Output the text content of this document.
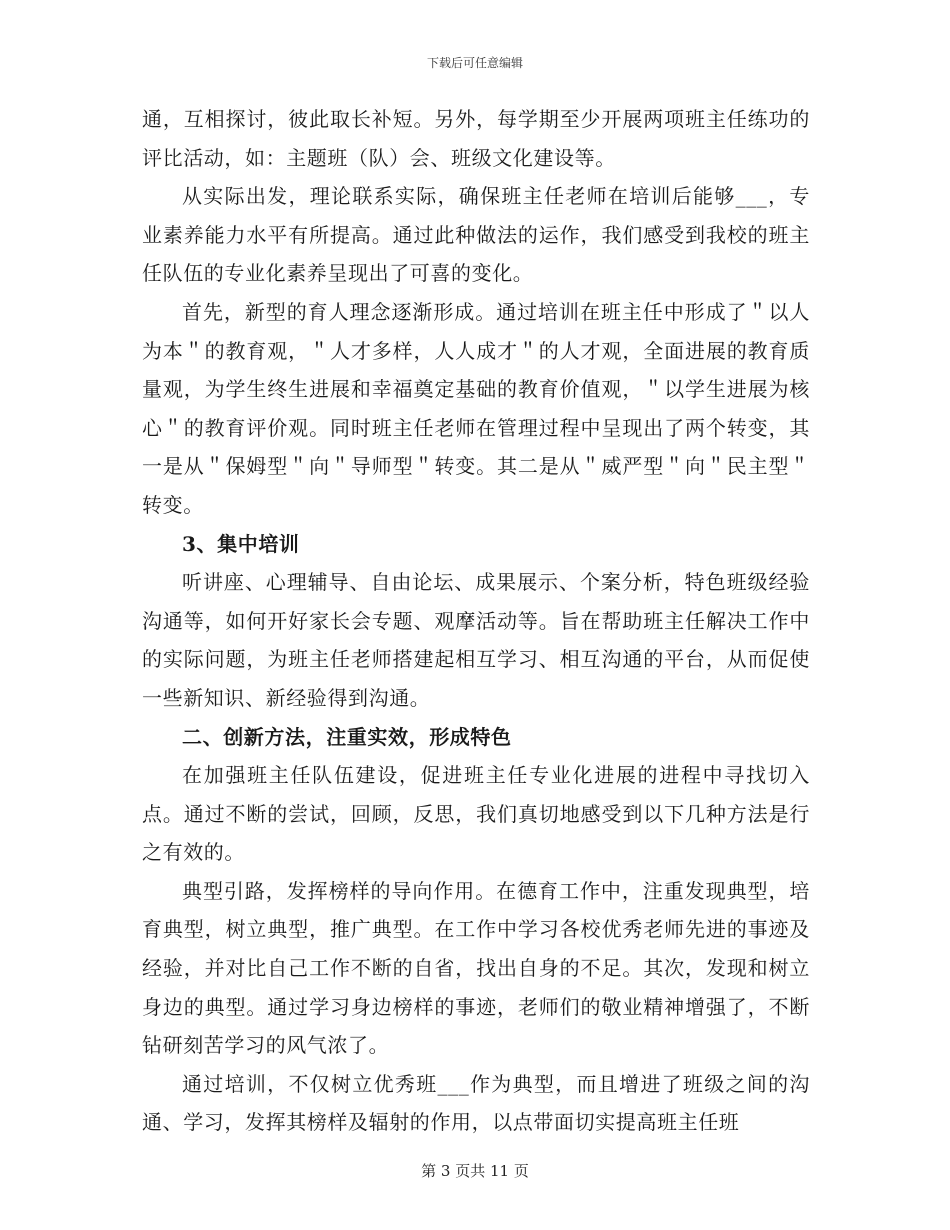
下载后可任意编辑

通，互相探讨，彼此取长补短。另外，每学期至少开展两项班主任练功的评比活动，如：主题班（队）会、班级文化建设等。

从实际出发，理论联系实际，确保班主任老师在培训后能够___，专业素养能力水平有所提高。通过此种做法的运作，我们感受到我校的班主任队伍的专业化素养呈现出了可喜的变化。

首先，新型的育人理念逐渐形成。通过培训在班主任中形成了＂以人为本＂的教育观，＂人才多样，人人成才＂的人才观，全面进展的教育质量观，为学生终生进展和幸福奠定基础的教育价值观，＂以学生进展为核心＂的教育评价观。同时班主任老师在管理过程中呈现出了两个转变，其一是从＂保姆型＂向＂导师型＂转变。其二是从＂威严型＂向＂民主型＂转变。

3、集中培训

听讲座、心理辅导、自由论坛、成果展示、个案分析，特色班级经验沟通等，如何开好家长会专题、观摩活动等。旨在帮助班主任解决工作中的实际问题，为班主任老师搭建起相互学习、相互沟通的平台，从而促使一些新知识、新经验得到沟通。

二、创新方法，注重实效，形成特色

在加强班主任队伍建设，促进班主任专业化进展的进程中寻找切入点。通过不断的尝试，回顾，反思，我们真切地感受到以下几种方法是行之有效的。

典型引路，发挥榜样的导向作用。在德育工作中，注重发现典型，培育典型，树立典型，推广典型。在工作中学习各校优秀老师先进的事迹及经验，并对比自己工作不断的自省，找出自身的不足。其次，发现和树立身边的典型。通过学习身边榜样的事迹，老师们的敬业精神增强了，不断钻研刻苦学习的风气浓了。

通过培训，不仅树立优秀班___作为典型，而且增进了班级之间的沟通、学习，发挥其榜样及辐射的作用，以点带面切实提高班主任班

第 3 页共 11 页
